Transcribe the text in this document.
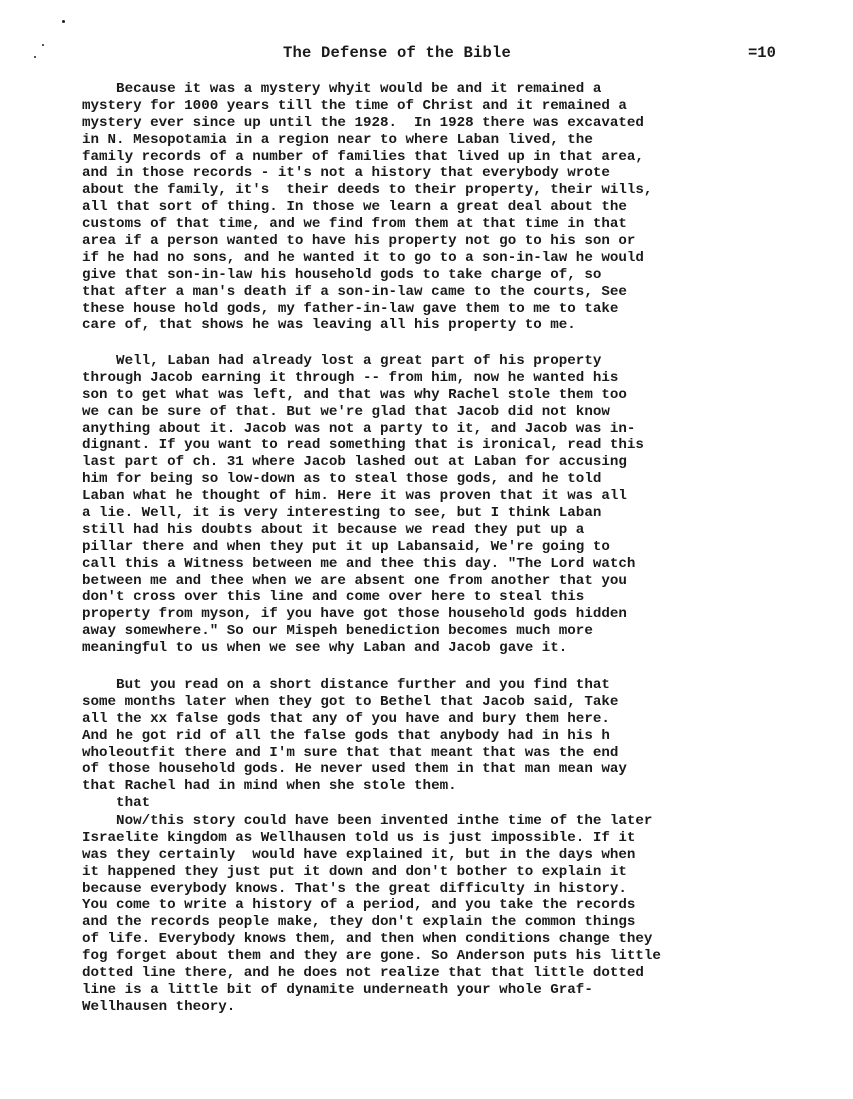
The Defense of the Bible	=10
Because it was a mystery whyit would be and it remained a
mystery for 1000 years till the time of Christ and it remained a
mystery ever since up until the 1928.  In 1928 there was excavated
in N. Mesopotamia in a region near to where Laban lived, the
family records of a number of families that lived up in that area,
and in those records - it's not a history that everybody wrote
about the family, it's  their deeds to their property, their wills,
all that sort of thing. In those we learn a great deal about the
customs of that time, and we find from them at that time in that
area if a person wanted to have his property not go to his son or
if he had no sons, and he wanted it to go to a son-in-law he would
give that son-in-law his household gods to take charge of, so
that after a man's death if a son-in-law came to the courts, See
these house hold gods, my father-in-law gave them to me to take
care of, that shows he was leaving all his property to me.
Well, Laban had already lost a great part of his property
through Jacob earning it through -- from him, now he wanted his
son to get what was left, and that was why Rachel stole them too
we can be sure of that. But we're glad that Jacob did not know
anything about it. Jacob was not a party to it, and Jacob was in-
dignant. If you want to read something that is ironical, read this
last part of ch. 31 where Jacob lashed out at Laban for accusing
him for being so low-down as to steal those gods, and he told
Laban what he thought of him. Here it was proven that it was all
a lie. Well, it is very interesting to see, but I think Laban
still had his doubts about it because we read they put up a
pillar there and when they put it up Labansaid, We're going to
call this a Witness between me and thee this day. "The Lord watch
between me and thee when we are absent one from another that you
don't cross over this line and come over here to steal this
property from myson, if you have got those household gods hidden
away somewhere." So our Mispeh benediction becomes much more
meaningful to us when we see why Laban and Jacob gave it.
But you read on a short distance further and you find that
some months later when they got to Bethel that Jacob said, Take
all the xx false gods that any of you have and bury them here.
And he got rid of all the false gods that anybody had in his h
wholeoutfit there and I'm sure that that meant that was the end
of those household gods. He never used them in that man mean way
that Rachel had in mind when she stole them.
that
Now/this story could have been invented inthe time of the later
Israelite kingdom as Wellhausen told us is just impossible. If it
was they certainly  would have explained it, but in the days when
it happened they just put it down and don't bother to explain it
because everybody knows. That's the great difficulty in history.
You come to write a history of a period, and you take the records
and the records people make, they don't explain the common things
of life. Everybody knows them, and then when conditions change they
fog forget about them and they are gone. So Anderson puts his little
dotted line there, and he does not realize that that little dotted
line is a little bit of dynamite underneath your whole Graf-
Wellhausen theory.
